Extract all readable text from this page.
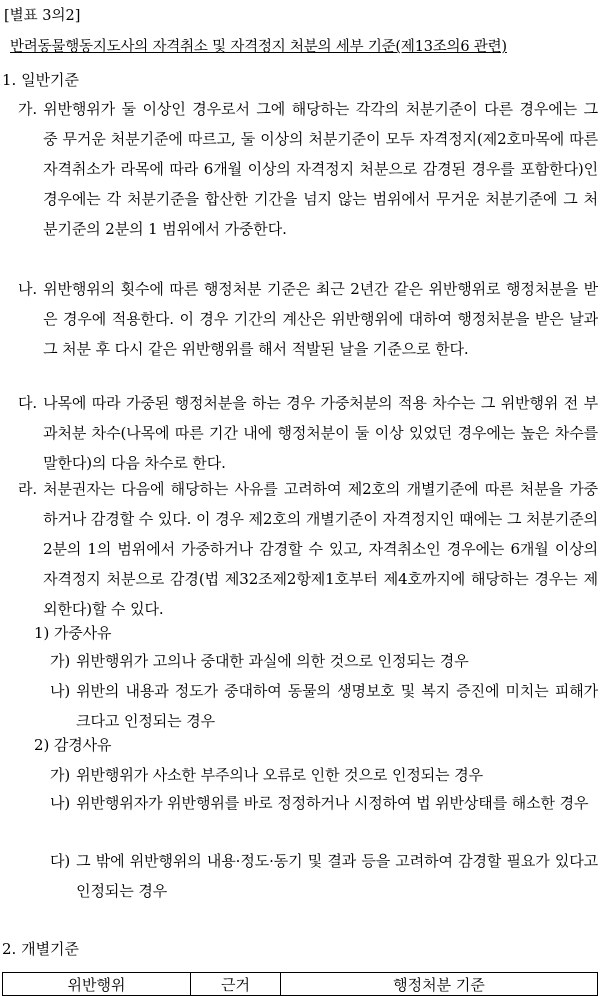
[별표 3의2]
반려동물행동지도사의 자격취소 및 자격정지 처분의 세부 기준(제13조의6 관련)
1. 일반기준
가. 위반행위가 둘 이상인 경우로서 그에 해당하는 각각의 처분기준이 다른 경우에는 그 중 무거운 처분기준에 따르고, 둘 이상의 처분기준이 모두 자격정지(제2호마목에 따른 자격취소가 라목에 따라 6개월 이상의 자격정지 처분으로 감경된 경우를 포함한다)인 경우에는 각 처분기준을 합산한 기간을 넘지 않는 범위에서 무거운 처분기준에 그 처분기준의 2분의 1 범위에서 가중한다.
나. 위반행위의 횟수에 따른 행정처분 기준은 최근 2년간 같은 위반행위로 행정처분을 받은 경우에 적용한다. 이 경우 기간의 계산은 위반행위에 대하여 행정처분을 받은 날과 그 처분 후 다시 같은 위반행위를 해서 적발된 날을 기준으로 한다.
다. 나목에 따라 가중된 행정처분을 하는 경우 가중처분의 적용 차수는 그 위반행위 전 부과처분 차수(나목에 따른 기간 내에 행정처분이 둘 이상 있었던 경우에는 높은 차수를 말한다)의 다음 차수로 한다.
라. 처분권자는 다음에 해당하는 사유를 고려하여 제2호의 개별기준에 따른 처분을 가중하거나 감경할 수 있다. 이 경우 제2호의 개별기준이 자격정지인 때에는 그 처분기준의 2분의 1의 범위에서 가중하거나 감경할 수 있고, 자격취소인 경우에는 6개월 이상의 자격정지 처분으로 감경(법 제32조제2항제1호부터 제4호까지에 해당하는 경우는 제외한다)할 수 있다.
1) 가중사유
가) 위반행위가 고의나 중대한 과실에 의한 것으로 인정되는 경우
나) 위반의 내용과 정도가 중대하여 동물의 생명보호 및 복지 증진에 미치는 피해가 크다고 인정되는 경우
2) 감경사유
가) 위반행위가 사소한 부주의나 오류로 인한 것으로 인정되는 경우
나) 위반행위자가 위반행위를 바로 정정하거나 시정하여 법 위반상태를 해소한 경우
다) 그 밖에 위반행위의 내용·정도·동기 및 결과 등을 고려하여 감경할 필요가 있다고 인정되는 경우
2. 개별기준
위반행위	근거	행정처분 기준
